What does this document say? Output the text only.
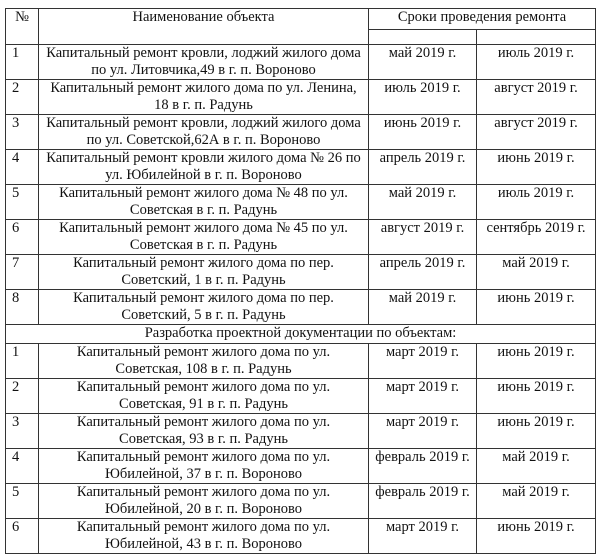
№	Наименование объекта	Сроки проведения ремонта	

1	Капитальный ремонт кровли, лоджий жилого дома по ул. Литовчика,49 в г. п. Вороново	май 2019 г.	июль 2019 г.
2	Капитальный ремонт жилого дома по ул. Ленина, 18 в г. п. Радунь	июль 2019 г.	август 2019 г.
3	Капитальный ремонт кровли, лоджий жилого дома по ул. Советской,62А в г. п. Вороново	июнь 2019 г.	август 2019 г.
4	Капитальный ремонт кровли жилого дома № 26 по ул. Юбилейной в г. п. Вороново	апрель 2019 г.	июнь 2019 г.
5	Капитальный ремонт жилого дома № 48 по ул. Советская в г. п. Радунь	май 2019 г.	июль 2019 г.
6	Капитальный ремонт жилого дома № 45 по ул. Советская в г. п. Радунь	август 2019 г.	сентябрь 2019 г.
7	Капитальный ремонт жилого дома по пер. Советский, 1 в г. п. Радунь	апрель 2019 г.	май 2019 г.
8	Капитальный ремонт жилого дома по пер. Советский, 5 в г. п. Радунь	май 2019 г.	июнь 2019 г.
Разработка проектной документации по объектам:			
1	Капитальный ремонт жилого дома по ул. Советская, 108 в г. п. Радунь	март 2019 г.	июнь 2019 г.
2	Капитальный ремонт жилого дома по ул. Советская, 91 в г. п. Радунь	март 2019 г.	июнь 2019 г.
3	Капитальный ремонт жилого дома по ул. Советская, 93 в г. п. Радунь	март 2019 г.	июнь 2019 г.
4	Капитальный ремонт жилого дома по ул. Юбилейной, 37 в г. п. Вороново	февраль 2019 г.	май 2019 г.
5	Капитальный ремонт жилого дома по ул. Юбилейной, 20 в г. п. Вороново	февраль 2019 г.	май 2019 г.
6	Капитальный ремонт жилого дома по ул. Юбилейной, 43 в г. п. Вороново	март 2019 г.	июнь 2019 г.
